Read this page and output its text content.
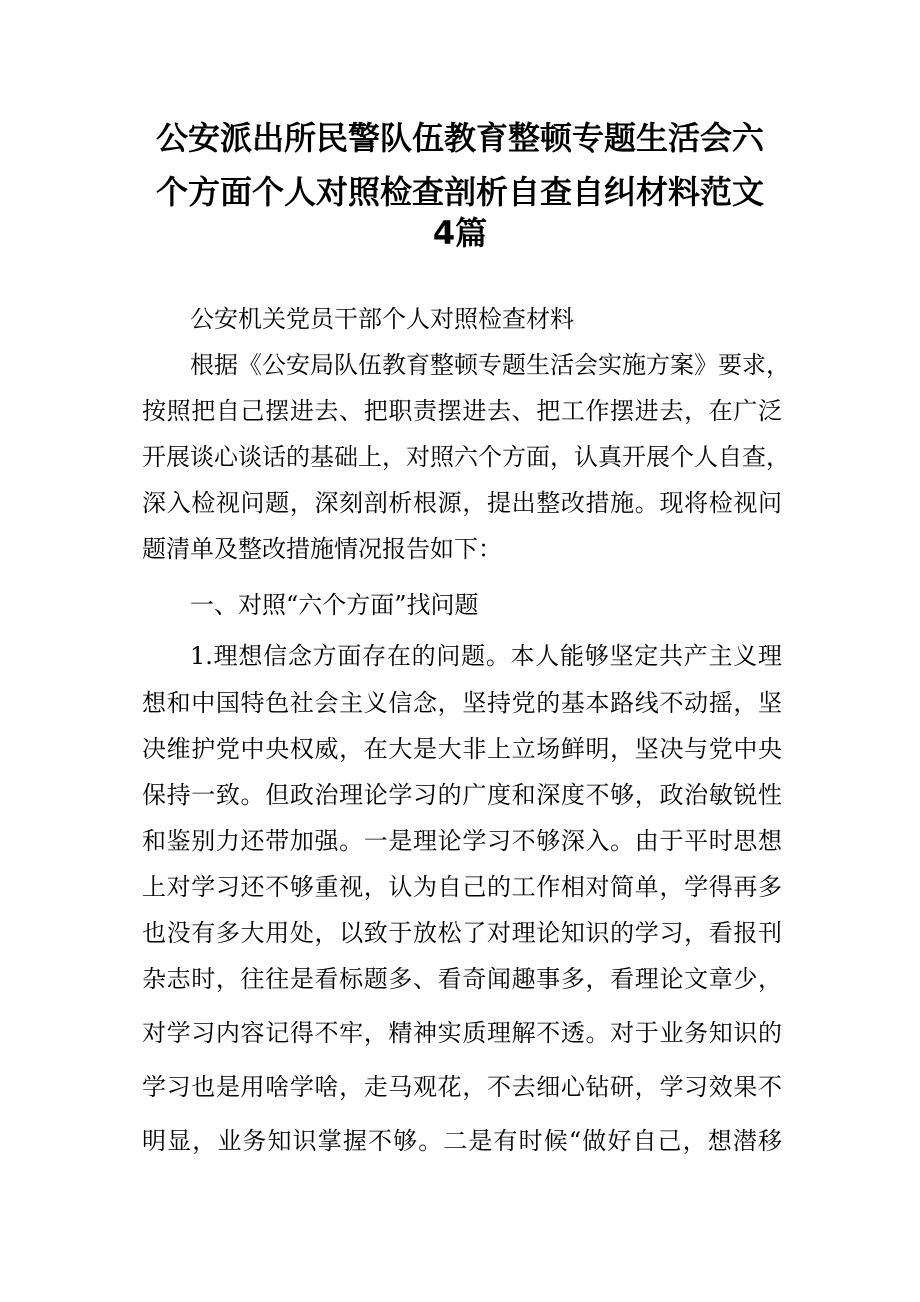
公安派出所民警队伍教育整顿专题生活会六
个方面个人对照检查剖析自查自纠材料范文
4篇
公安机关党员干部个人对照检查材料
根据《公安局队伍教育整顿专题生活会实施方案》要求，
按照把自己摆进去、把职责摆进去、把工作摆进去，在广泛
开展谈心谈话的基础上，对照六个方面，认真开展个人自查，
深入检视问题，深刻剖析根源，提出整改措施。现将检视问
题清单及整改措施情况报告如下：
一、对照“六个方面”找问题
1.理想信念方面存在的问题。本人能够坚定共产主义理
想和中国特色社会主义信念，坚持党的基本路线不动摇，坚
决维护党中央权威，在大是大非上立场鲜明，坚决与党中央
保持一致。但政治理论学习的广度和深度不够，政治敏锐性
和鉴别力还带加强。一是理论学习不够深入。由于平时思想
上对学习还不够重视，认为自己的工作相对简单，学得再多
也没有多大用处，以致于放松了对理论知识的学习，看报刊
杂志时，往往是看标题多、看奇闻趣事多，看理论文章少，
对学习内容记得不牢，精神实质理解不透。对于业务知识的
学习也是用啥学啥，走马观花，不去细心钻研，学习效果不
明显，业务知识掌握不够。二是有时候“做好自己，想潜移
